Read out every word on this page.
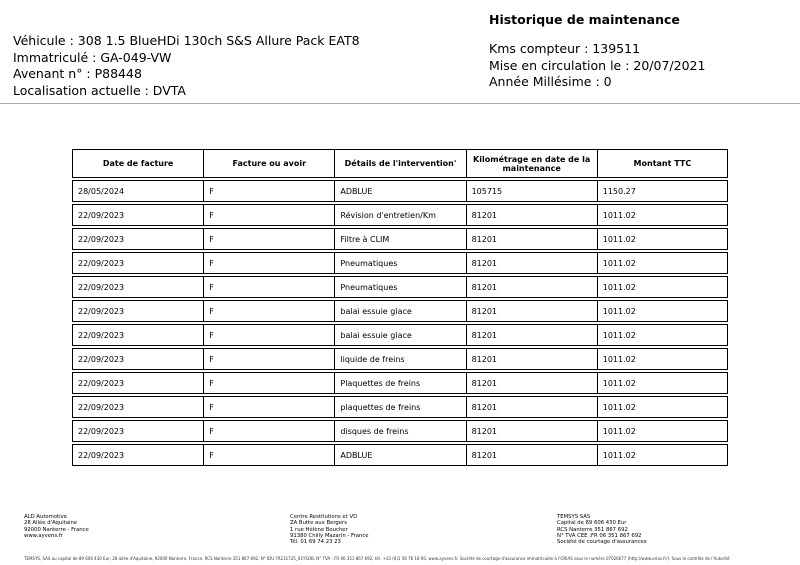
Véhicule : 308 1.5 BlueHDi 130ch S&S Allure Pack EAT8
Immatriculé : GA-049-VW
Avenant n° : P88448
Localisation actuelle : DVTA
Historique de maintenance
Kms compteur : 139511
Mise en circulation le : 20/07/2021
Année Millésime : 0
Date de facture	Facture ou avoir	Détails de l'intervention'	Kilométrage en date de la maintenance	Montant TTC
28/05/2024	F	ADBLUE	105715	1150.27
22/09/2023	F	Révision d'entretien/Km	81201	1011.02
22/09/2023	F	Filtre à CLIM	81201	1011.02
22/09/2023	F	Pneumatiques	81201	1011.02
22/09/2023	F	Pneumatiques	81201	1011.02
22/09/2023	F	balai essuie glace	81201	1011.02
22/09/2023	F	balai essuie glace	81201	1011.02
22/09/2023	F	liquide de freins	81201	1011.02
22/09/2023	F	Plaquettes de freins	81201	1011.02
22/09/2023	F	plaquettes de freins	81201	1011.02
22/09/2023	F	disques de freins	81201	1011.02
22/09/2023	F	ADBLUE	81201	1011.02
ALD Automotive
28 Allée d'Aquitaine
92000 Nanterre - France
www.ayvens.fr
Centre Restitutions et VD
ZA Butte aux Bergers
1 rue Hélène Boucher
91380 Chilly Mazarin - France
Tél. 01 69 74 23 23
TEMSYS SAS
Capital de 89 606 430 Eur
RCS Nanterre 351 867 692
N° TVA CEE :FR 06 351 867 692
Société de courtage d'assurances
TEMSYS, SAS au capital de 89 606 430 Eur, 28 allée d'Aquitaine, 92000 Nanterre, France, RCS Nanterre 351 867 692, N° IDU FR231725_01YSOB, N° TVA : FR 06 351 867 692, tél. +33 (0)1 56 76 18 00, www.ayvens.fr. Société de courtage d'assurance immatriculée à l'ORIAS sous le numéro 07026677 (http://www.orias.fr/). Sous le contrôle de l'Autorité
